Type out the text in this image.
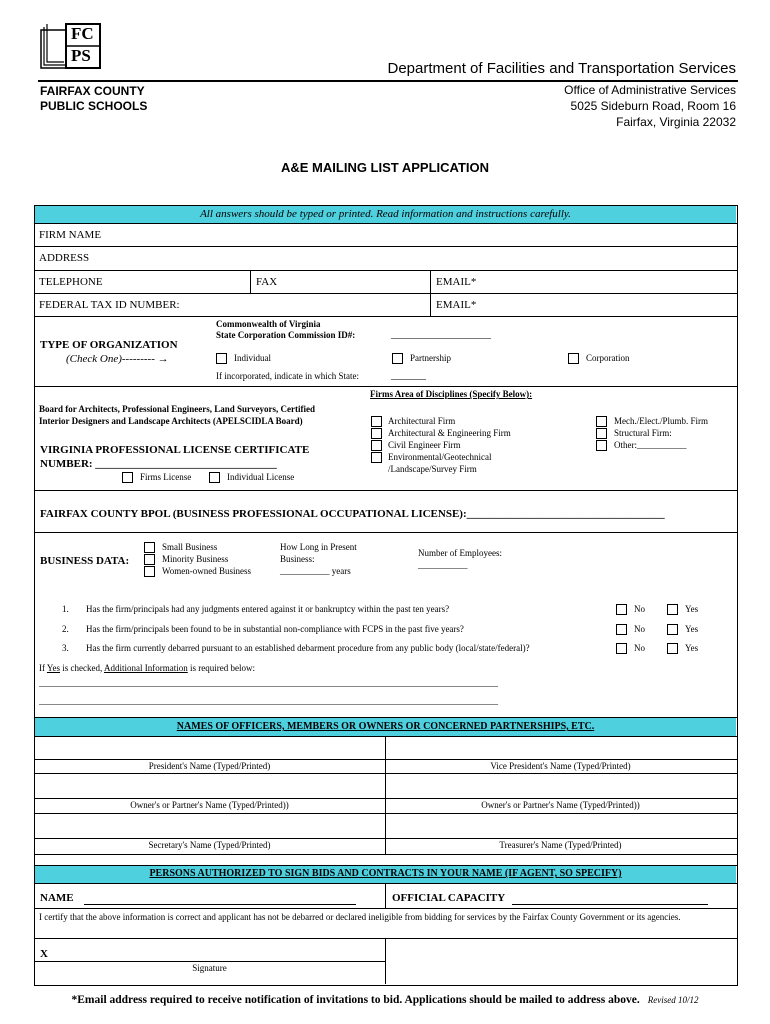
FC
PS
Department of Facilities and Transportation Services
FAIRFAX COUNTY
PUBLIC SCHOOLS
Office of Administrative Services
5025 Sideburn Road, Room 16
Fairfax, Virginia 22032
A&E MAILING LIST APPLICATION
All answers should be typed or printed. Read information and instructions carefully.
FIRM NAME
ADDRESS
TELEPHONE	FAX	EMAIL*
FEDERAL TAX ID NUMBER:	EMAIL*
TYPE OF ORGANIZATION
(Check One)--------- →
Commonwealth of Virginia
State Corporation Commission ID#:	____________________
Individual	Partnership	Corporation
If incorporated, indicate in which State:	_______
Firms Area of Disciplines (Specify Below):
Board for Architects, Professional Engineers, Land Surveyors, Certified
Interior Designers and Landscape Architects (APELSCIDLA Board)	Architectural Firm
Architectural & Engineering Firm
Civil Engineer Firm
Environmental/Geotechnical
/Landscape/Survey Firm
Mech./Elect./Plumb. Firm
Structural Firm:
Other:___________
VIRGINIA PROFESSIONAL LICENSE CERTIFICATE
NUMBER: _________________________________
Firms License	Individual License
FAIRFAX COUNTY BPOL (BUSINESS PROFESSIONAL OCCUPATIONAL LICENSE):____________________________________
BUSINESS DATA:
Small Business
Minority Business
Women-owned Business
How Long in Present
Business:
___________ years
Number of Employees:
___________
1. Has the firm/principals had any judgments entered against it or bankruptcy within the past ten years?	No	Yes
2. Has the firm/principals been found to be in substantial non-compliance with FCPS in the past five years?	No	Yes
3. Has the firm currently debarred pursuant to an established debarment procedure from any public body (local/state/federal)?	No	Yes
If Yes is checked, Additional Information is required below:
______________________________________________________________________________________________________
______________________________________________________________________________________________________
NAMES OF OFFICERS, MEMBERS OR OWNERS OR CONCERNED PARTNERSHIPS, ETC.
President's Name (Typed/Printed)	Vice President's Name (Typed/Printed)
Owner's or Partner's Name (Typed/Printed))	Owner's or Partner's Name (Typed/Printed))
Secretary's Name (Typed/Printed)	Treasurer's Name (Typed/Printed)
PERSONS AUTHORIZED TO SIGN BIDS AND CONTRACTS IN YOUR NAME (IF AGENT, SO SPECIFY)
NAME	OFFICIAL CAPACITY
I certify that the above information is correct and applicant has not be debarred or declared ineligible from bidding for services by the Fairfax County Government or its agencies.
X
Signature
*Email address required to receive notification of invitations to bid. Applications should be mailed to address above. Revised 10/12
